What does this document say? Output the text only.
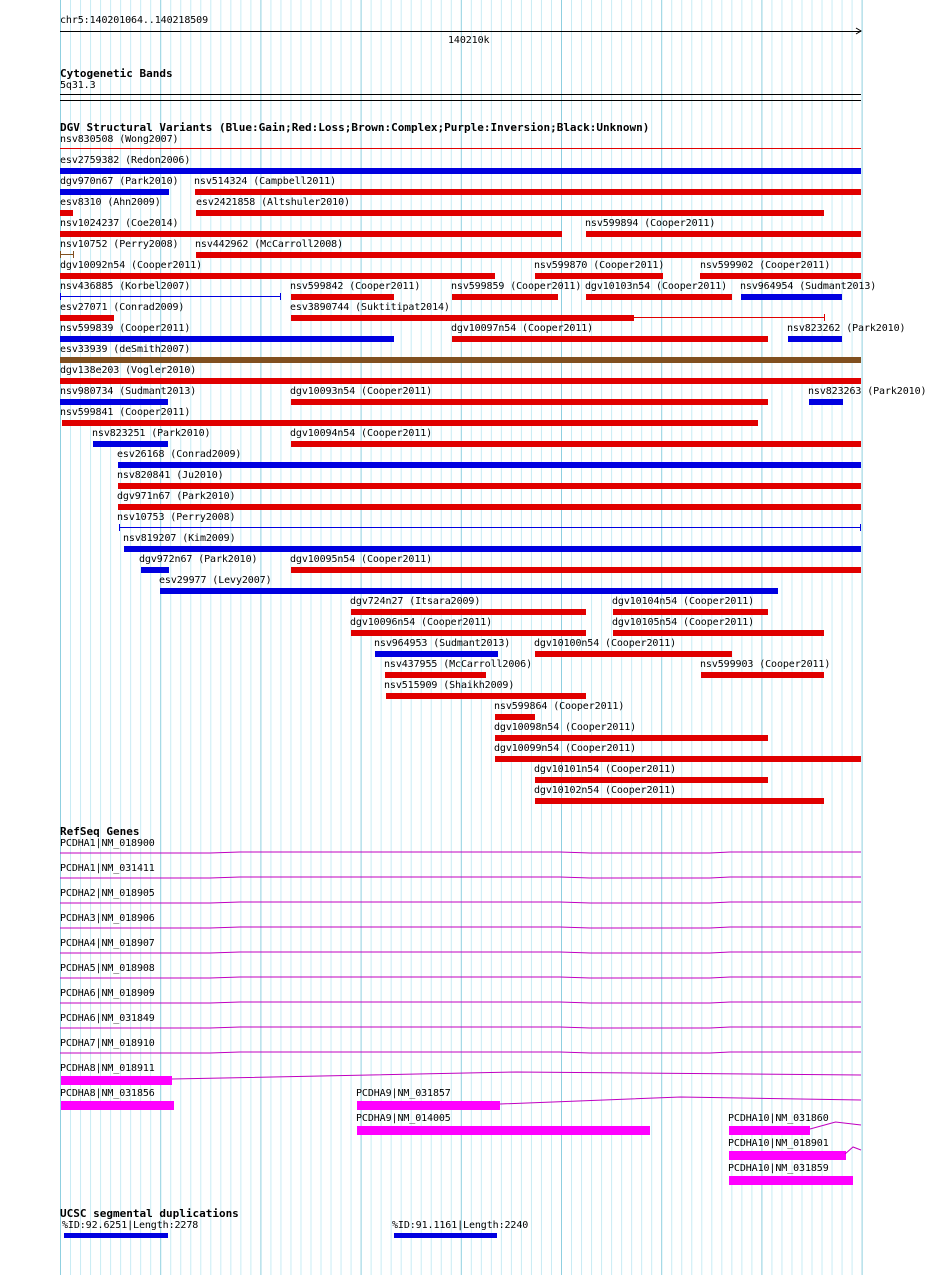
chr5:140201064..140218509
140210k
Cytogenetic Bands
5q31.3
DGV Structural Variants (Blue:Gain;Red:Loss;Brown:Complex;Purple:Inversion;Black:Unknown)
nsv830508 (Wong2007)
esv2759382 (Redon2006)
dgv970n67 (Park2010) nsv514324 (Campbell2011)
esv8310 (Ahn2009)	esv2421858 (Altshuler2010)
nsv1024237 (Coe2014)	nsv599894 (Cooper2011)
nsv10752 (Perry2008) nsv442962 (McCarroll2008)
dgv10092n54 (Cooper2011)	nsv599870 (Cooper2011)	nsv599902 (Cooper2011)
nsv436885 (Korbel2007)	nsv599842 (Cooper2011)	nsv599859 (Cooper2011) dgv10103n54 (Cooper2011) nsv964954 (Sudmant2013)
esv27071 (Conrad2009)	esv3890744 (Suktitipat2014)
nsv599839 (Cooper2011)	dgv10097n54 (Cooper2011)	nsv823262 (Park2010)
esv33939 (deSmith2007)
dgv138e203 (Vogler2010)
nsv980734 (Sudmant2013)	dgv10093n54 (Cooper2011)	nsv823263 (Park2010)
nsv599841 (Cooper2011)
nsv823251 (Park2010)	dgv10094n54 (Cooper2011)
esv26168 (Conrad2009)
nsv820841 (Ju2010)
dgv971n67 (Park2010)
nsv10753 (Perry2008)
nsv819207 (Kim2009)
dgv972n67 (Park2010)	dgv10095n54 (Cooper2011)
esv29977 (Levy2007)
dgv724n27 (Itsara2009)	dgv10104n54 (Cooper2011)
dgv10096n54 (Cooper2011)	dgv10105n54 (Cooper2011)
nsv964953 (Sudmant2013) dgv10100n54 (Cooper2011)
nsv437955 (McCarroll2006)	nsv599903 (Cooper2011)
nsv515909 (Shaikh2009)
nsv599864 (Cooper2011)
dgv10098n54 (Cooper2011)
dgv10099n54 (Cooper2011)
dgv10101n54 (Cooper2011)
dgv10102n54 (Cooper2011)
RefSeq Genes
PCDHA1|NM_018900
PCDHA1|NM_031411
PCDHA2|NM_018905
PCDHA3|NM_018906
PCDHA4|NM_018907
PCDHA5|NM_018908
PCDHA6|NM_018909
PCDHA6|NM_031849
PCDHA7|NM_018910
PCDHA8|NM_018911
PCDHA8|NM_031856	PCDHA9|NM_031857
PCDHA9|NM_014005	PCDHA10|NM_031860
PCDHA10|NM_018901
PCDHA10|NM_031859
UCSC segmental duplications
%ID:92.6251|Length:2278	%ID:91.1161|Length:2240
